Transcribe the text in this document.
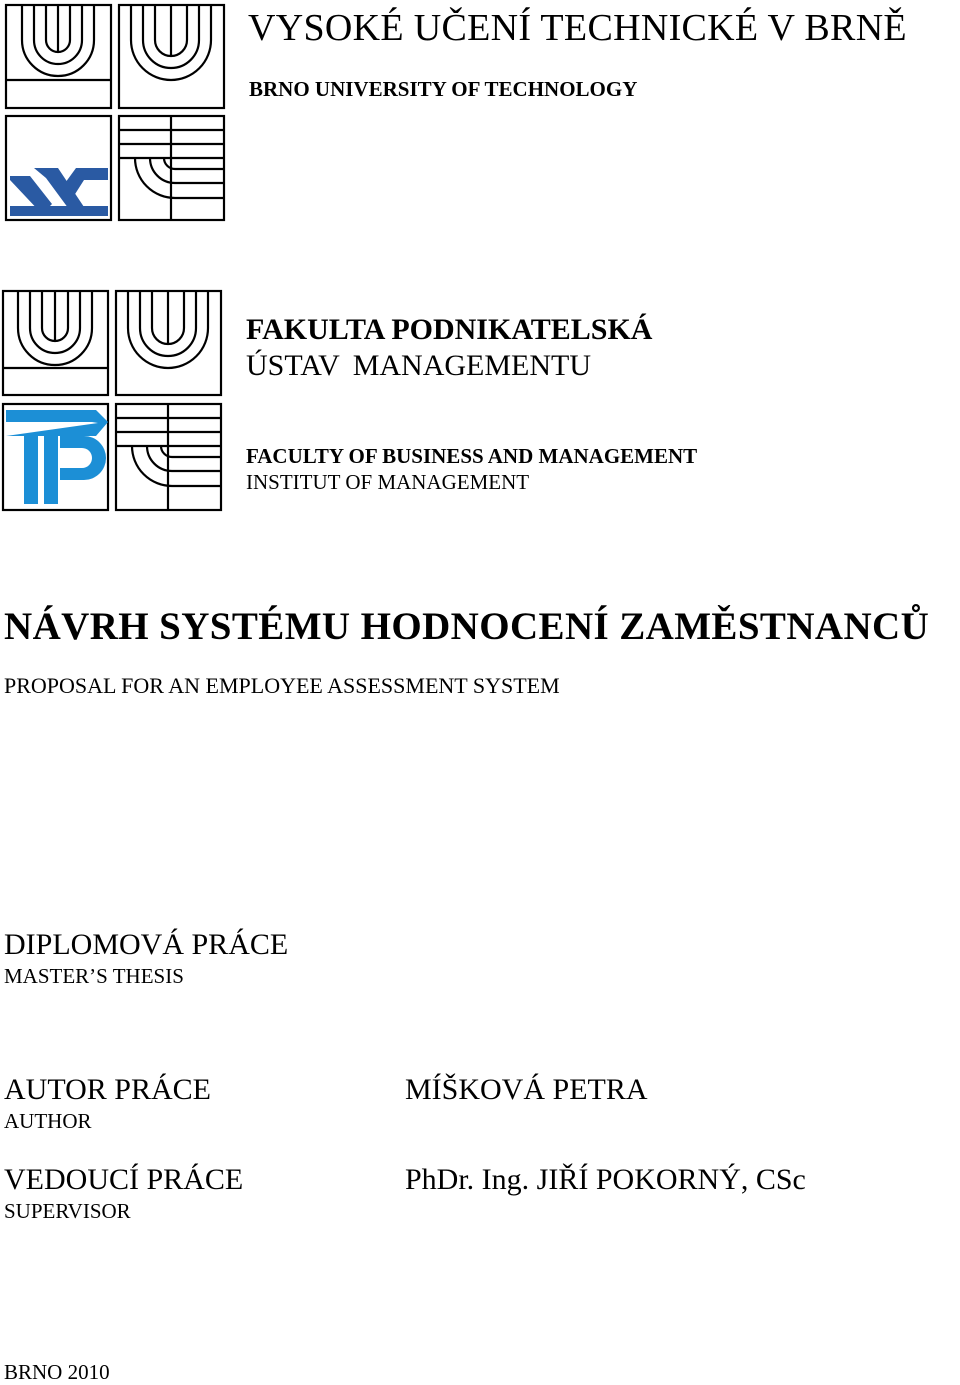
VYSOKÉ UČENÍ TECHNICKÉ V BRNĚ
BRNO UNIVERSITY OF TECHNOLOGY
FAKULTA PODNIKATELSKÁ
ÚSTAV MANAGEMENTU
FACULTY OF BUSINESS AND MANAGEMENT
INSTITUT OF MANAGEMENT
NÁVRH SYSTÉMU HODNOCENÍ ZAMĚSTNANCŮ
PROPOSAL FOR AN EMPLOYEE ASSESSMENT SYSTEM
DIPLOMOVÁ PRÁCE
MASTER’S THESIS
AUTOR PRÁCE
AUTHOR
MÍŠKOVÁ PETRA
VEDOUCÍ PRÁCE
SUPERVISOR
PhDr. Ing. JIŘÍ POKORNÝ, CSc
BRNO 2010
